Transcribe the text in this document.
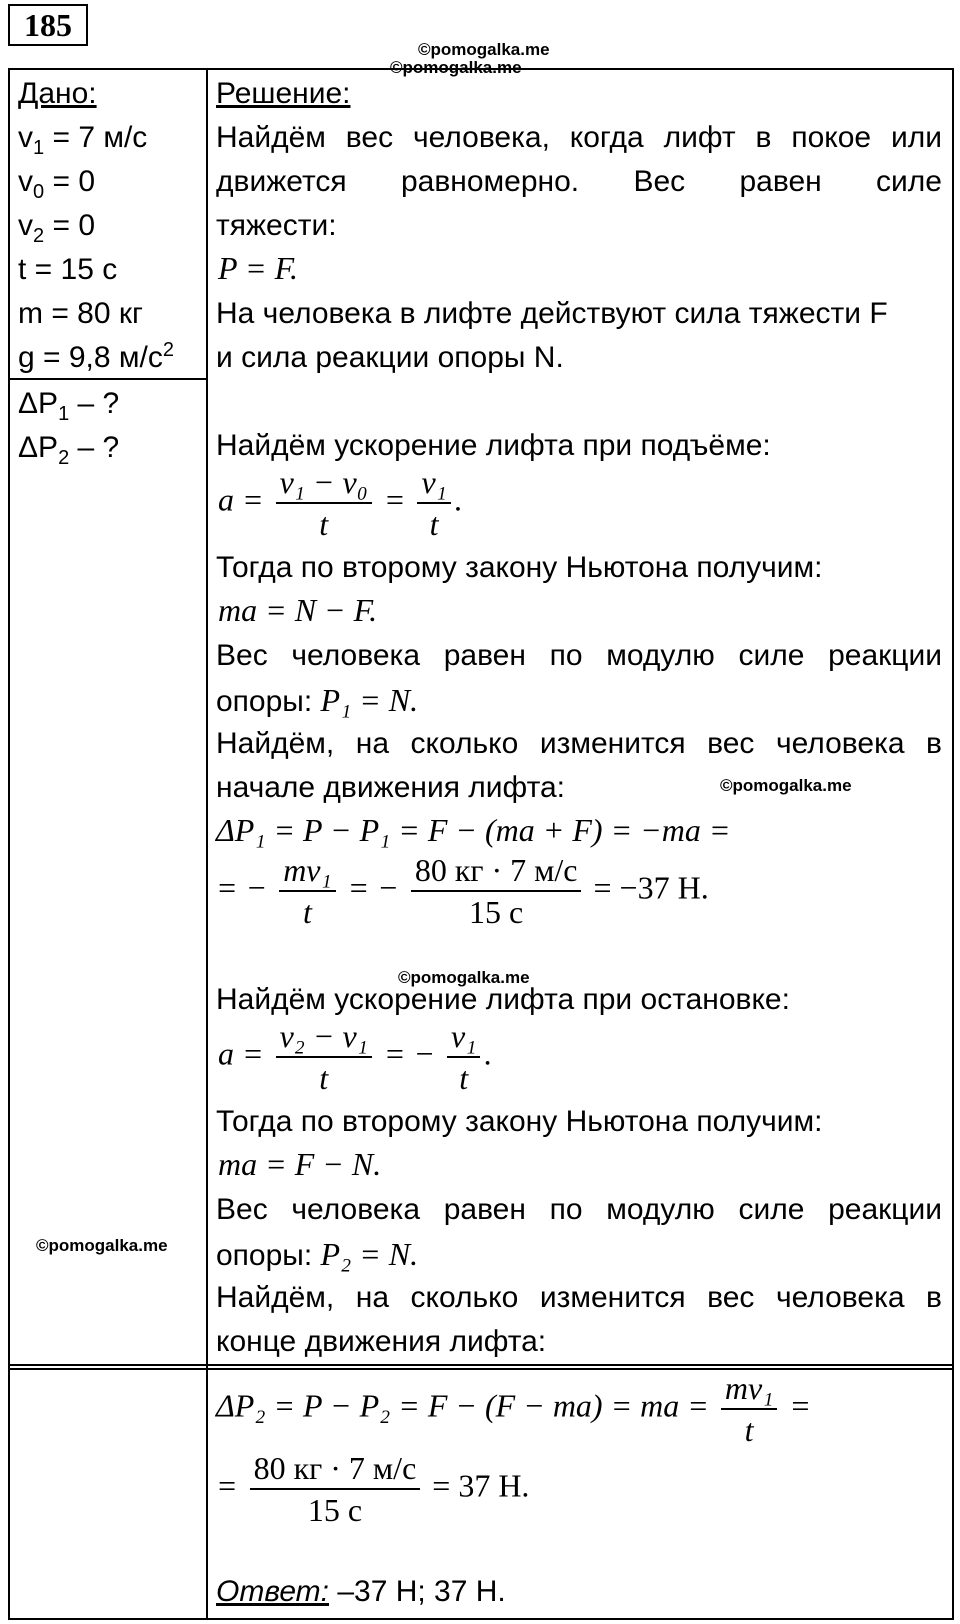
185
©pomogalka.me
©pomogalka.me
©pomogalka.me
©pomogalka.me
©pomogalka.me
Дано:
$v_1 = 7$ м/с
$v_0 = 0$
$v_2 = 0$
t = 15 с
m = 80 кг
g = 9,8 $м/с^2$
$\Delta P_1$ – ?
$\Delta P_2$ – ?
Решение:
Найдём вес человека, когда лифт в покое или
движется равномерно. Вес равен силе
тяжести:
P = F.
На человека в лифте действуют сила тяжести F
и сила реакции опоры N.
Найдём ускорение лифта при подъёме:
$a = \frac{\text{v₁ − v₀}}{t} = \frac{\text{v₁}}{t}$ .
Тогда по второму закону Ньютона получим:
ma = N − F.
Вес человека равен по модулю силе реакции
опоры: P₁ = N.
Найдём, на сколько изменится вес человека в
начале движения лифта:
ΔP₁ = P − P₁ = F − (ma + F) = −ma =
= − $\frac{\text{mv₁}}{t}$ = − $\frac{80 кг \cdot 7 м/с}{15 с} = -37$ Н.
Найдём ускорение лифта при остановке:
$a = \frac{\text{v₂ − v₁}}{t}$ = − $\frac{\text{v₁}}{t}$ .
Тогда по второму закону Ньютона получим:
ma = F − N.
Вес человека равен по модулю силе реакции
опоры: P₂ = N.
Найдём, на сколько изменится вес человека в
конце движения лифта:
ΔP₂ = P − P₂ = F − (F − ma) = ma = $\frac{\text{mv₁}}{t}$ =
= $\frac{80 кг \cdot 7 м/с}{15 с} = 37$ Н.
Ответ: –37 Н; 37 Н.
